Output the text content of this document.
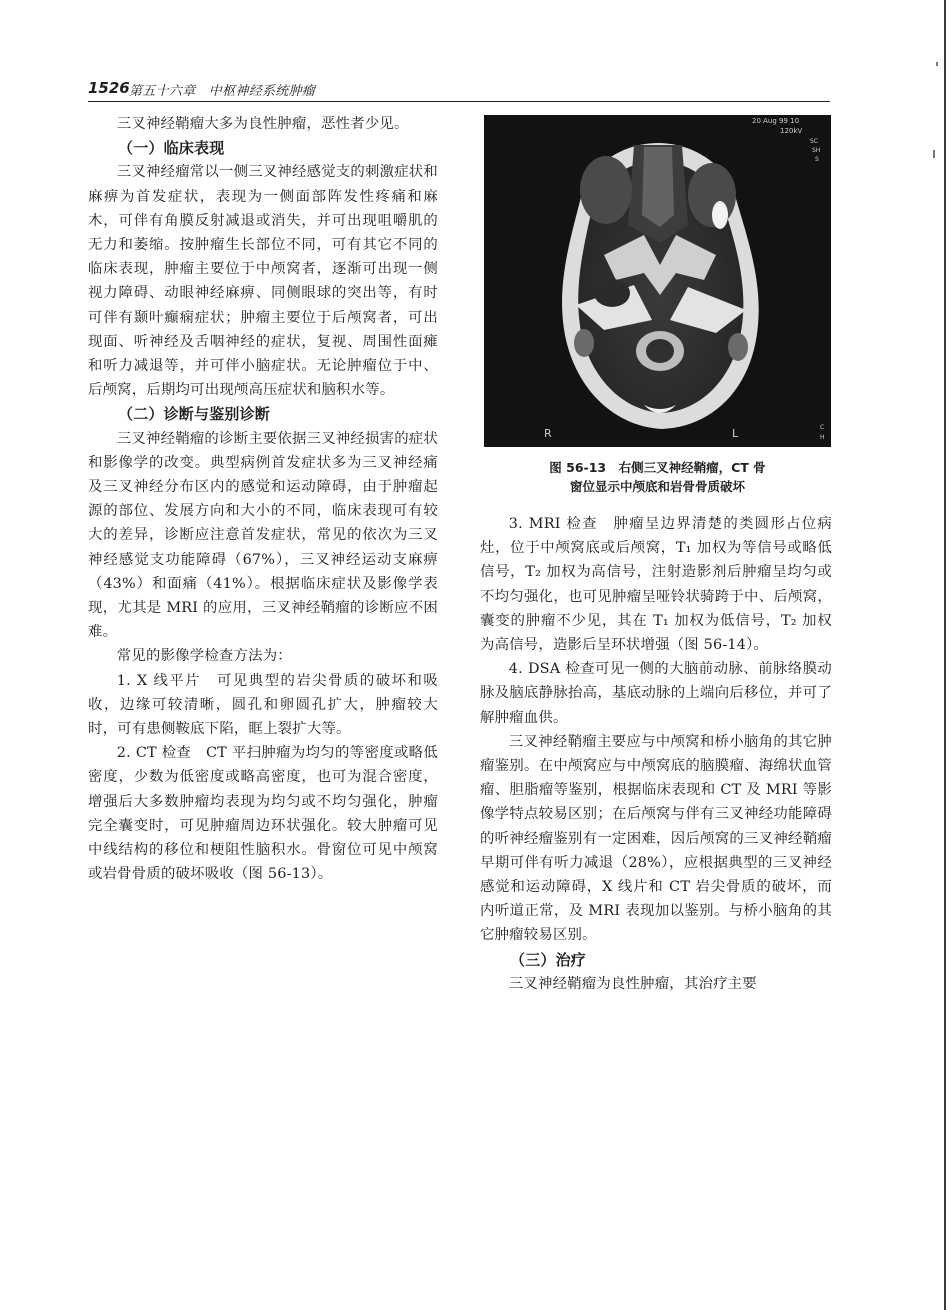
1526 第五十六章　中枢神经系统肿瘤

三叉神经鞘瘤大多为良性肿瘤，恶性者少见。

（一）临床表现

三叉神经瘤常以一侧三叉神经感觉支的刺激症状和麻痹为首发症状，表现为一侧面部阵发性疼痛和麻木，可伴有角膜反射减退或消失，并可出现咀嚼肌的无力和萎缩。按肿瘤生长部位不同，可有其它不同的临床表现，肿瘤主要位于中颅窝者，逐渐可出现一侧视力障碍、动眼神经麻痹、同侧眼球的突出等，有时可伴有颞叶癫痫症状；肿瘤主要位于后颅窝者，可出现面、听神经及舌咽神经的症状，复视、周围性面瘫和听力减退等，并可伴小脑症状。无论肿瘤位于中、后颅窝，后期均可出现颅高压症状和脑积水等。

（二）诊断与鉴别诊断

三叉神经鞘瘤的诊断主要依据三叉神经损害的症状和影像学的改变。典型病例首发症状多为三叉神经痛及三叉神经分布区内的感觉和运动障碍，由于肿瘤起源的部位、发展方向和大小的不同，临床表现可有较大的差异，诊断应注意首发症状，常见的依次为三叉神经感觉支功能障碍（67%），三叉神经运动支麻痹（43%）和面痛（41%）。根据临床症状及影像学表现，尤其是 MRI 的应用，三叉神经鞘瘤的诊断应不困难。

常见的影像学检查方法为：

1. X 线平片　可见典型的岩尖骨质的破坏和吸收，边缘可较清晰，圆孔和卵圆孔扩大，肿瘤较大时，可有患侧鞍底下陷，眶上裂扩大等。

2. CT 检查　CT 平扫肿瘤为均匀的等密度或略低密度，少数为低密度或略高密度，也可为混合密度，增强后大多数肿瘤均表现为均匀或不均匀强化，肿瘤完全囊变时，可见肿瘤周边环状强化。较大肿瘤可见中线结构的移位和梗阻性脑积水。骨窗位可见中颅窝或岩骨骨质的破坏吸收（图 56-13）。

20 Aug 99 10
120kV
SC
SH
S
R	L	C
H
图 56-13　右侧三叉神经鞘瘤，CT 骨
窗位显示中颅底和岩骨骨质破坏

3. MRI 检查　肿瘤呈边界清楚的类圆形占位病灶，位于中颅窝底或后颅窝，T₁ 加权为等信号或略低信号，T₂ 加权为高信号，注射造影剂后肿瘤呈均匀或不均匀强化，也可见肿瘤呈哑铃状骑跨于中、后颅窝，囊变的肿瘤不少见，其在 T₁ 加权为低信号，T₂ 加权为高信号，造影后呈环状增强（图 56-14）。

4. DSA 检查可见一侧的大脑前动脉、前脉络膜动脉及脑底静脉抬高，基底动脉的上端向后移位，并可了解肿瘤血供。

三叉神经鞘瘤主要应与中颅窝和桥小脑角的其它肿瘤鉴别。在中颅窝应与中颅窝底的脑膜瘤、海绵状血管瘤、胆脂瘤等鉴别，根据临床表现和 CT 及 MRI 等影像学特点较易区别；在后颅窝与伴有三叉神经功能障碍的听神经瘤鉴别有一定困难，因后颅窝的三叉神经鞘瘤早期可伴有听力减退（28%），应根据典型的三叉神经感觉和运动障碍，X 线片和 CT 岩尖骨质的破坏，而内听道正常，及 MRI 表现加以鉴别。与桥小脑角的其它肿瘤较易区别。

（三）治疗

三叉神经鞘瘤为良性肿瘤，其治疗主要
